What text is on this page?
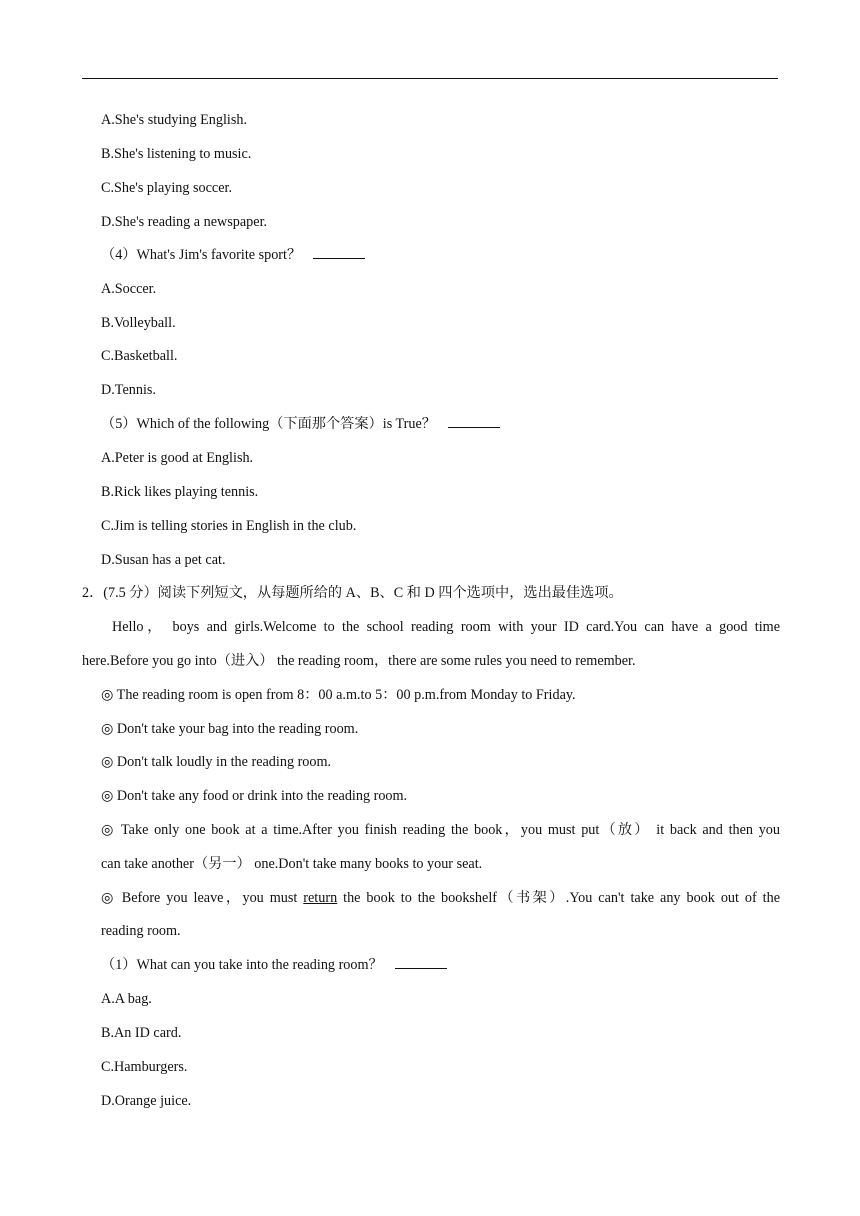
A.She's studying English.
B.She's listening to music.
C.She's playing soccer.
D.She's reading a newspaper.
（4）What's Jim's favorite sport？
A.Soccer.
B.Volleyball.
C.Basketball.
D.Tennis.
（5）Which of the following（下面那个答案）is True？
A.Peter is good at English.
B.Rick likes playing tennis.
C.Jim is telling stories in English in the club.
D.Susan has a pet cat.
2．(7.5 分）阅读下列短文，从每题所给的 A、B、C 和 D 四个选项中，选出最佳选项。
Hello， boys and girls.Welcome to the school reading room with your ID card.You can have a good time
here.Before you go into（进入） the reading room，there are some rules you need to remember.
◎ The reading room is open from 8：00 a.m.to 5：00 p.m.from Monday to Friday.
◎ Don't take your bag into the reading room.
◎ Don't talk loudly in the reading room.
◎ Don't take any food or drink into the reading room.
◎ Take only one book at a time.After you finish reading the book，you must put（放） it back and then you
can take another（另一） one.Don't take many books to your seat.
◎ Before you leave，you must return the book to the bookshelf（书架）.You can't take any book out of the
reading room.
（1）What can you take into the reading room？
A.A bag.
B.An ID card.
C.Hamburgers.
D.Orange juice.
